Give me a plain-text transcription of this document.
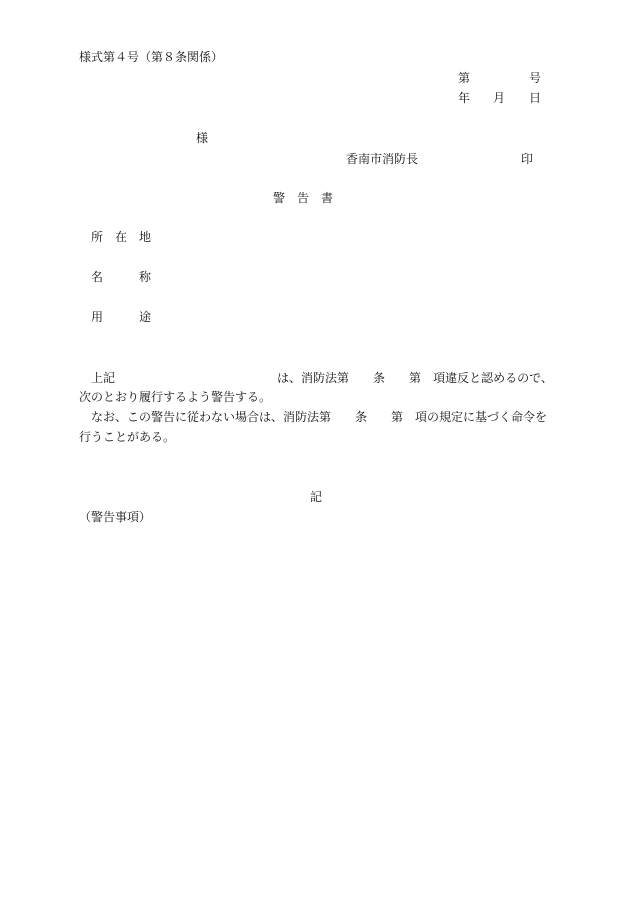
様式第４号（第８条関係）
第	号
年 月 日
様
香南市消防長	印
警　告　書
所　在　地
名　　　称
用　　　途
上記	は、消防法第 条 第 項違反と認めるので、
次のとおり履行するよう警告する。
なお、この警告に従わない場合は、消防法第 条 第 項の規定に基づく命令を
行うことがある。
記
（警告事項）
